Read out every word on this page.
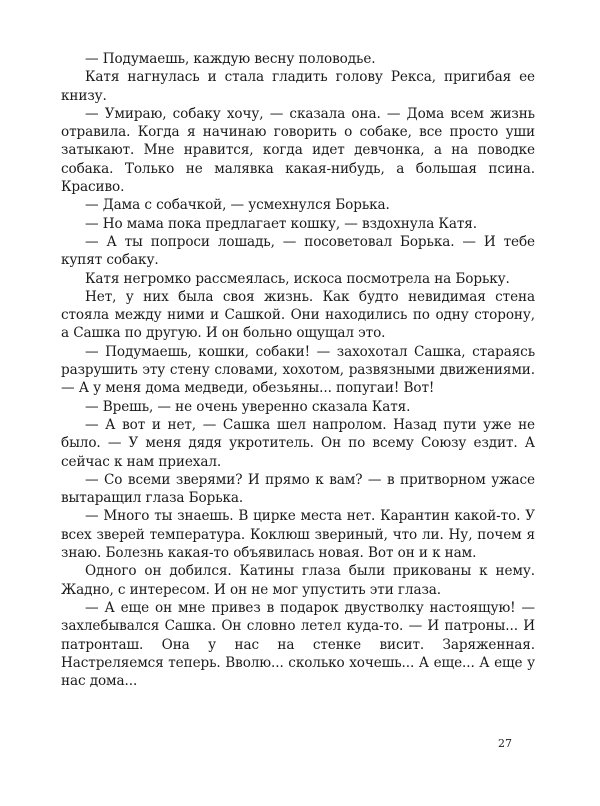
— Подумаешь, каждую весну половодье.

Катя нагнулась и стала гладить голову Рекса, пригибая ее книзу.

— Умираю, собаку хочу, — сказала она. — Дома всем жизнь отравила. Когда я начинаю говорить о собаке, все просто уши затыкают. Мне нравится, когда идет девчонка, а на поводке собака. Только не малявка какая-нибудь, а большая псина. Красиво.

— Дама с собачкой, — усмехнулся Борька.

— Но мама пока предлагает кошку, — вздохнула Катя.

— А ты попроси лошадь, — посоветовал Борька. — И тебе купят собаку.

Катя негромко рассмеялась, искоса посмотрела на Борьку.

Нет, у них была своя жизнь. Как будто невидимая стена стояла между ними и Сашкой. Они находились по одну сторону, а Сашка по другую. И он больно ощущал это.

— Подумаешь, кошки, собаки! — захохотал Сашка, стараясь разрушить эту стену словами, хохотом, развязными движениями. — А у меня дома медведи, обезьяны... попугаи! Вот!

— Врешь, — не очень уверенно сказала Катя.

— А вот и нет, — Сашка шел напролом. Назад пути уже не было. — У меня дядя укротитель. Он по всему Союзу ездит. А сейчас к нам приехал.

— Со всеми зверями? И прямо к вам? — в притворном ужасе вытаращил глаза Борька.

— Много ты знаешь. В цирке места нет. Карантин какой-то. У всех зверей температура. Коклюш звериный, что ли. Ну, почем я знаю. Болезнь какая-то объявилась новая. Вот он и к нам.

Одного он добился. Катины глаза были прикованы к нему. Жадно, с интересом. И он не мог упустить эти глаза.

— А еще он мне привез в подарок двустволку настоящую! — захлебывался Сашка. Он словно летел куда-то. — И патроны... И патронташ. Она у нас на стенке висит. Заряженная. Настреляемся теперь. Вволю... сколько хочешь... А еще... А еще у нас дома...

27
